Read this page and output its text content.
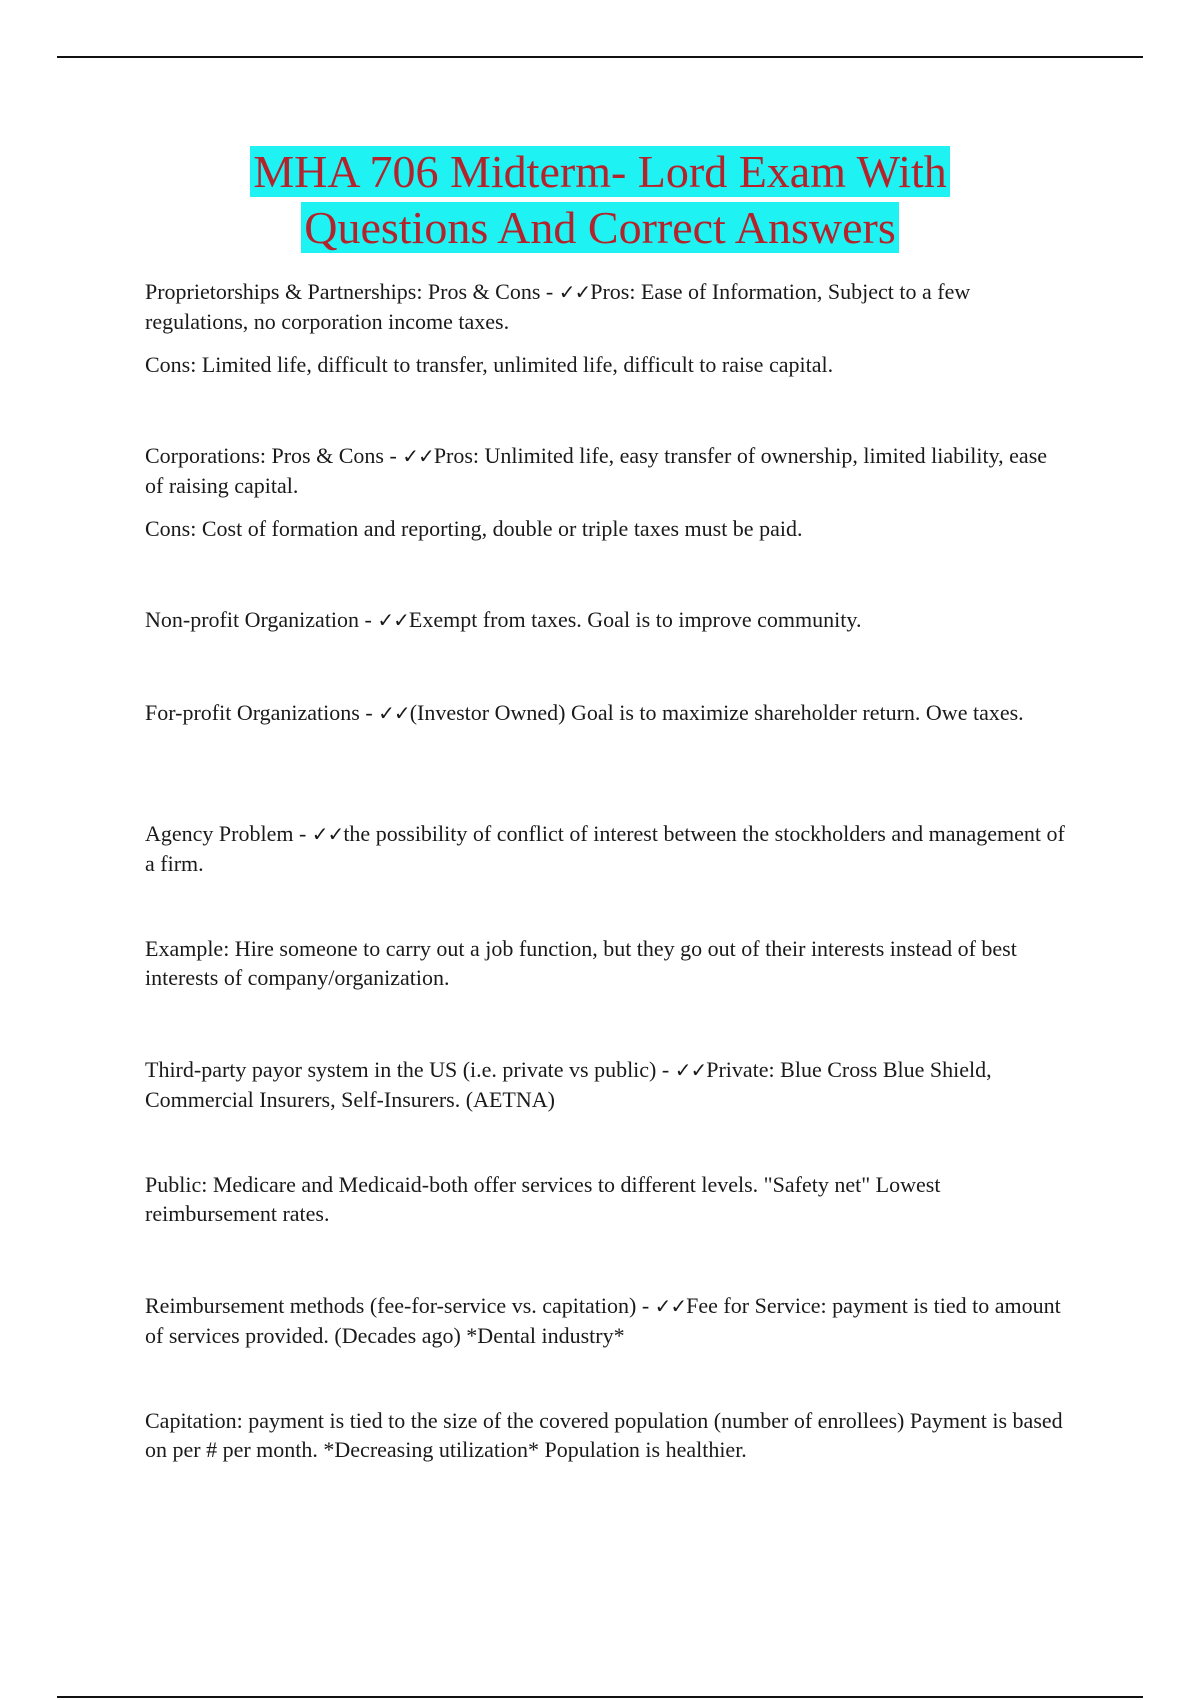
MHA 706 Midterm- Lord Exam With
Questions And Correct Answers

Proprietorships & Partnerships: Pros & Cons - ✓✓Pros: Ease of Information, Subject to a few regulations, no corporation income taxes.

Cons: Limited life, difficult to transfer, unlimited life, difficult to raise capital.

Corporations: Pros & Cons - ✓✓Pros: Unlimited life, easy transfer of ownership, limited liability, ease of raising capital.

Cons: Cost of formation and reporting, double or triple taxes must be paid.

Non-profit Organization - ✓✓Exempt from taxes. Goal is to improve community.

For-profit Organizations - ✓✓(Investor Owned) Goal is to maximize shareholder return. Owe taxes.

Agency Problem - ✓✓the possibility of conflict of interest between the stockholders and management of a firm.

Example: Hire someone to carry out a job function, but they go out of their interests instead of best interests of company/organization.

Third-party payor system in the US (i.e. private vs public) - ✓✓Private: Blue Cross Blue Shield, Commercial Insurers, Self-Insurers. (AETNA)

Public: Medicare and Medicaid-both offer services to different levels. "Safety net" Lowest reimbursement rates.

Reimbursement methods (fee-for-service vs. capitation) - ✓✓Fee for Service: payment is tied to amount of services provided. (Decades ago) *Dental industry*

Capitation: payment is tied to the size of the covered population (number of enrollees) Payment is based on per # per month. *Decreasing utilization* Population is healthier.
